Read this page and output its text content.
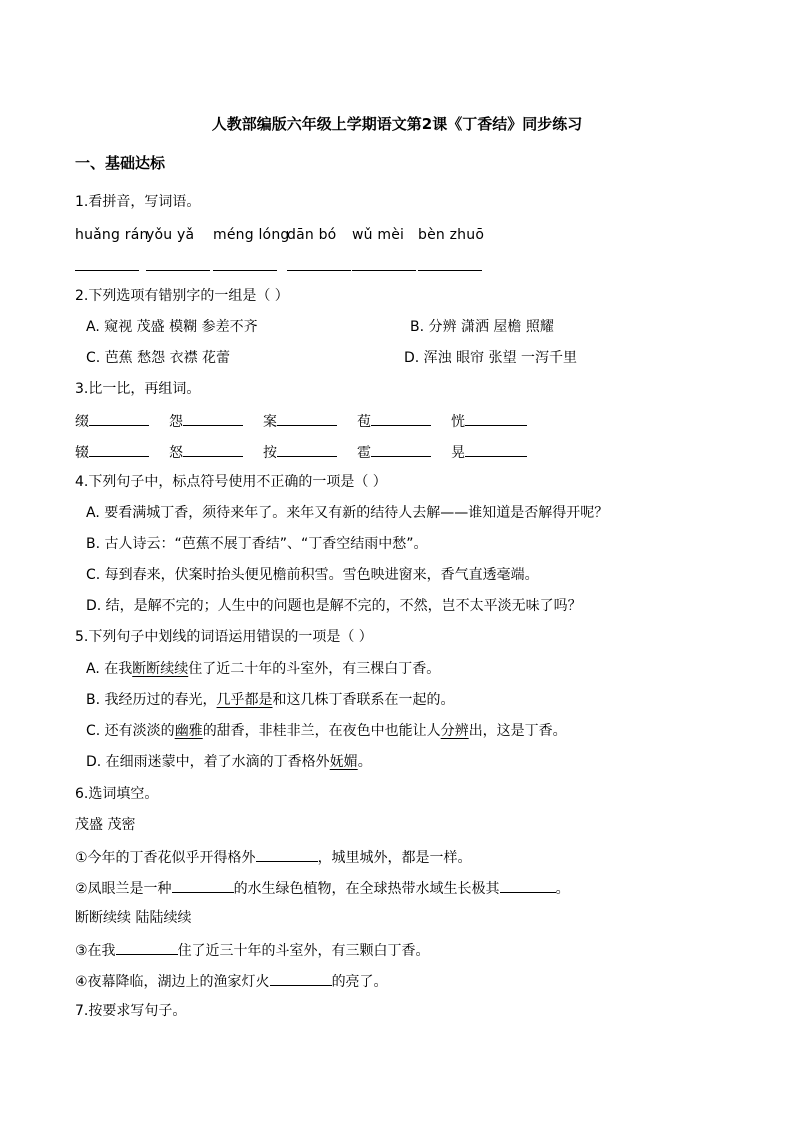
人教部编版六年级上学期语文第2课《丁香结》同步练习
一、基础达标
1.看拼音，写词语。
huǎng rán
yǒu yǎ méng lóng
dān bó wǔ mèi bèn zhuō
2.下列选项有错别字的一组是（ ）
A. 窥视 茂盛 模糊 参差不齐	B. 分辨 潇洒 屋檐 照耀
C. 芭蕉 愁怨 衣襟 花蕾	D. 浑浊 眼帘 张望 一泻千里
3.比一比，再组词。
缀	怨	案	苞	恍
辍	怒	按	雹	晃
4.下列句子中，标点符号使用不正确的一项是（ ）
A. 要看满城丁香，须待来年了。来年又有新的结待人去解——谁知道是否解得开呢？
B. 古人诗云：“芭蕉不展丁香结”、“丁香空结雨中愁”。
C. 每到春来，伏案时抬头便见檐前积雪。雪色映进窗来，香气直透毫端。
D. 结，是解不完的；人生中的问题也是解不完的，不然，岂不太平淡无味了吗？
5.下列句子中划线的词语运用错误的一项是（ ）
A. 在我断断续续住了近二十年的斗室外，有三棵白丁香。
B. 我经历过的春光，几乎都是和这几株丁香联系在一起的。
C. 还有淡淡的幽雅的甜香，非桂非兰，在夜色中也能让人分辨出，这是丁香。
D. 在细雨迷蒙中，着了水滴的丁香格外妩媚。
6.选词填空。
茂盛 茂密
①今年的丁香花似乎开得格外	，城里城外，都是一样。
②凤眼兰是一种	的水生绿色植物，在全球热带水域生长极其	。
断断续续 陆陆续续
③在我	住了近三十年的斗室外，有三颗白丁香。
④夜幕降临，湖边上的渔家灯火	的亮了。
7.按要求写句子。
